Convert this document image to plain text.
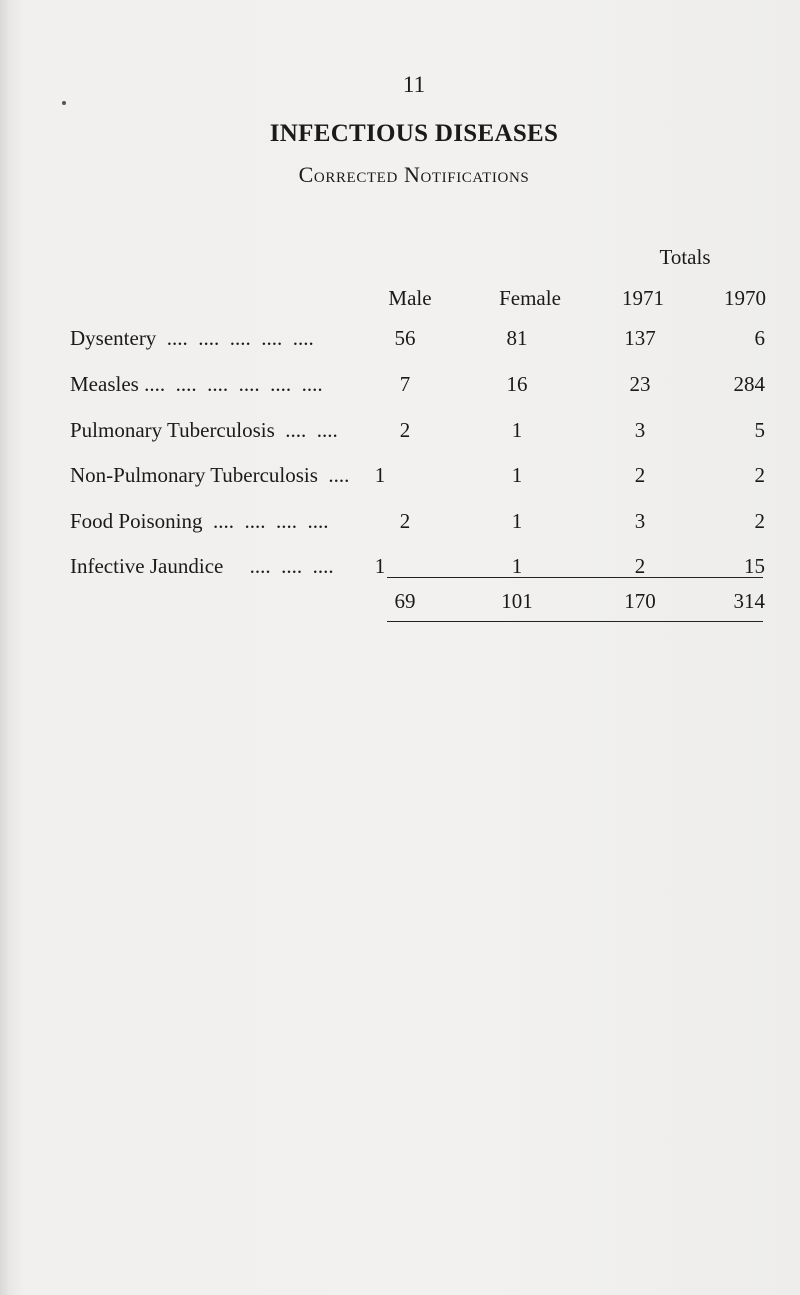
11
INFECTIOUS DISEASES
Corrected Notifications
Totals
Male	Female	1971	1970
Dysentery  ....  ....  ....  ....  ....	56	81	137	6
Measles ....  ....  ....  ....  ....  ....	7	16	23	284
Pulmonary Tuberculosis  ....  ....	2	1	3	5
Non-Pulmonary Tuberculosis  ....	1	1	2	2
Food Poisoning  ....  ....  ....  ....	2	1	3	2
Infective Jaundice     ....  ....  ....	1	1	2	15
69	101	170	314
